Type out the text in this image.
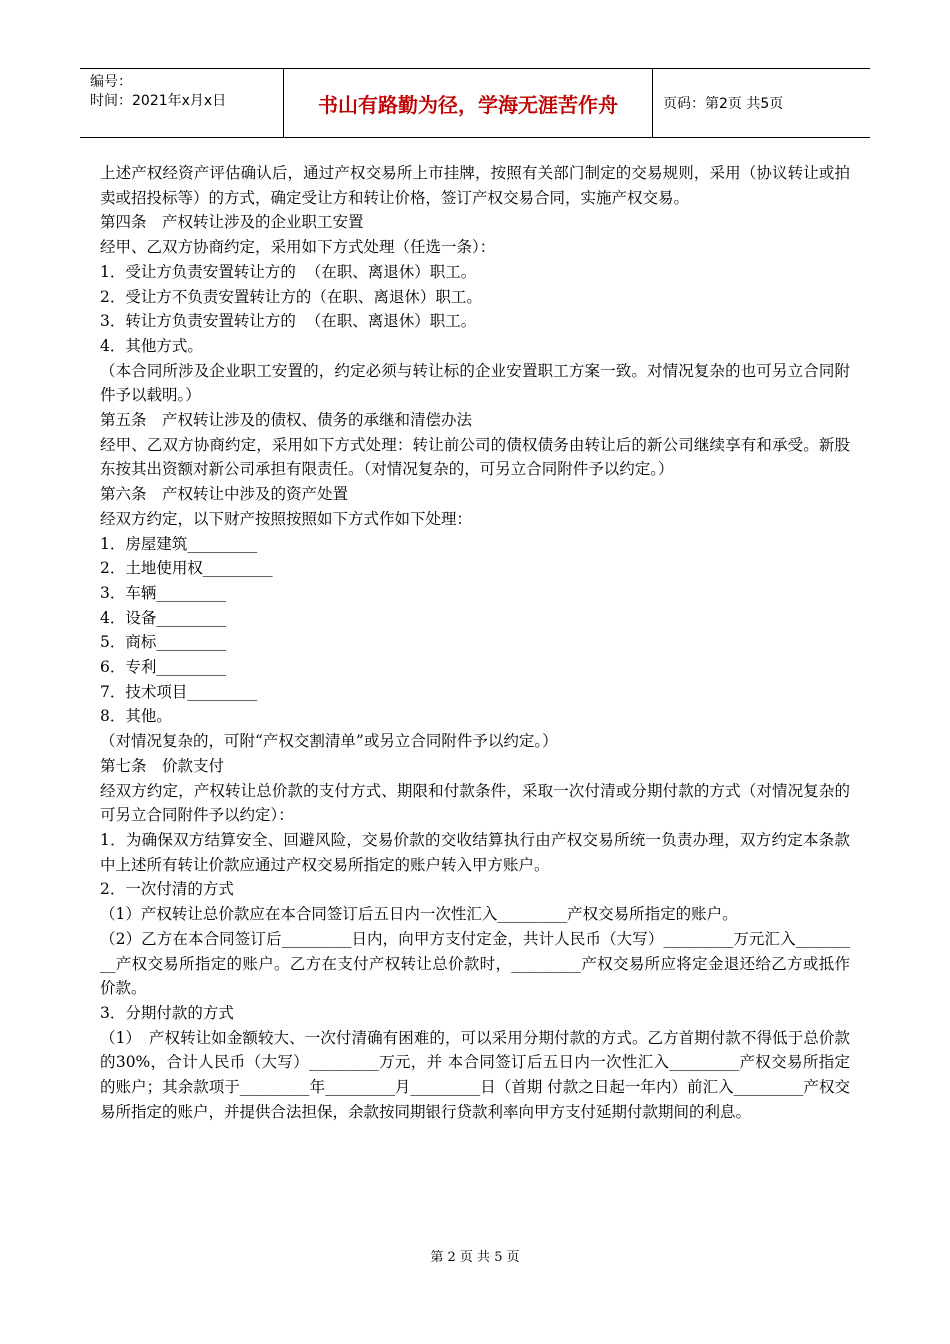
编号：
时间：2021年x月x日	书山有路勤为径，学海无涯苦作舟	页码：第2页 共5页

上述产权经资产评估确认后，通过产权交易所上市挂牌，按照有关部门制定的交易规则，采用（协议转让或拍卖或招投标等）的方式，确定受让方和转让价格，签订产权交易合同，实施产权交易。

第四条　产权转让涉及的企业职工安置

经甲、乙双方协商约定，采用如下方式处理（任选一条）：

1．受让方负责安置转让方的  （在职、离退休）职工。

2．受让方不负责安置转让方的（在职、离退休）职工。

3．转让方负责安置转让方的  （在职、离退休）职工。

4．其他方式。

（本合同所涉及企业职工安置的，约定必须与转让标的企业安置职工方案一致。对情况复杂的也可另立合同附件予以载明。）

第五条　产权转让涉及的债权、债务的承继和清偿办法

经甲、乙双方协商约定，采用如下方式处理：转让前公司的债权债务由转让后的新公司继续享有和承受。新股东按其出资额对新公司承担有限责任。（对情况复杂的，可另立合同附件予以约定。）

第六条　产权转让中涉及的资产处置

经双方约定，以下财产按照按照如下方式作如下处理：

1．房屋建筑_________

2．土地使用权_________

3．车辆_________

4．设备_________

5．商标_________

6．专利_________

7．技术项目_________

8．其他。

（对情况复杂的，可附“产权交割清单”或另立合同附件予以约定。）

第七条　价款支付

经双方约定，产权转让总价款的支付方式、期限和付款条件，采取一次付清或分期付款的方式（对情况复杂的可另立合同附件予以约定）：

1．为确保双方结算安全、回避风险，交易价款的交收结算执行由产权交易所统一负责办理，双方约定本条款中上述所有转让价款应通过产权交易所指定的账户转入甲方账户。

2．一次付清的方式

（1）产权转让总价款应在本合同签订后五日内一次性汇入_________产权交易所指定的账户。

（2）乙方在本合同签订后_________日内，向甲方支付定金，共计人民币（大写）_________万元汇入_________产权交易所指定的账户。乙方在支付产权转让总价款时，_________产权交易所应将定金退还给乙方或抵作价款。

3．分期付款的方式

（1）　产权转让如金额较大、一次付清确有困难的，可以采用分期付款的方式。乙方首期付款不得低于总价款的30%，合计人民币（大写）_________万元，并 本合同签订后五日内一次性汇入_________产权交易所指定的账户；其余款项于_________年_________月_________日（首期 付款之日起一年内）前汇入_________产权交易所指定的账户，并提供合法担保，余款按同期银行贷款利率向甲方支付延期付款期间的利息。

第 2 页 共 5 页
